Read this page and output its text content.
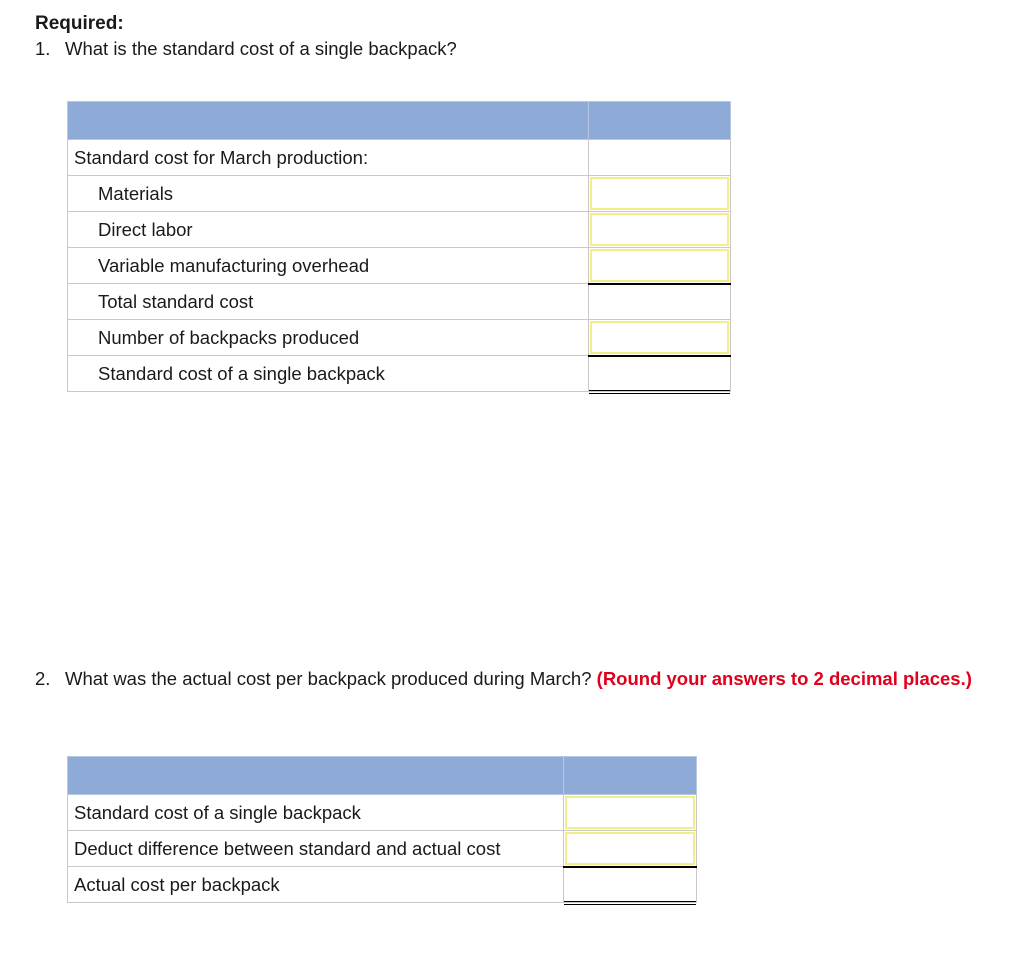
Required:
1. What is the standard cost of a single backpack?

Standard cost for March production:	
Materials	

Direct labor	

Variable manufacturing overhead	

Total standard cost	

Number of backpacks produced	

Standard cost of a single backpack	
2. What was the actual cost per backpack produced during March? (Round your answers to 2 decimal places.)

Standard cost of a single backpack	

Deduct difference between standard and actual cost	

Actual cost per backpack	
